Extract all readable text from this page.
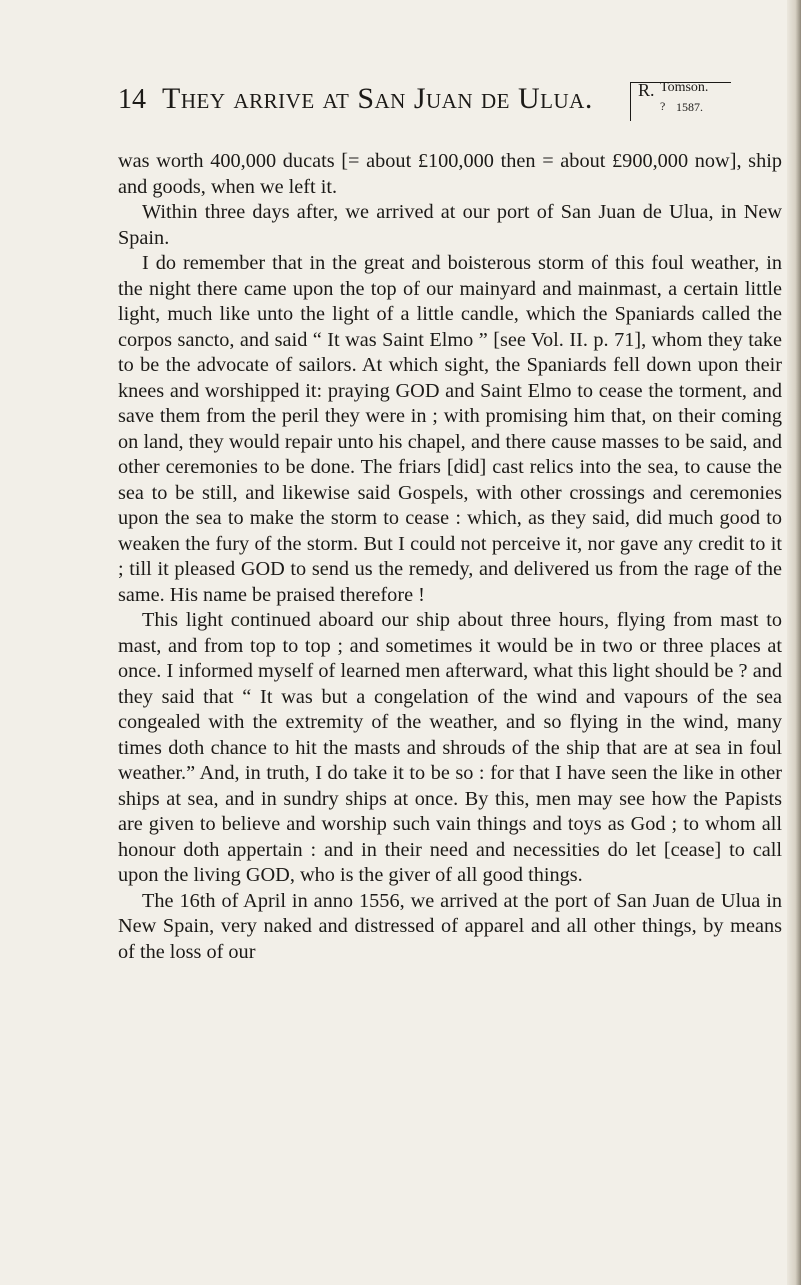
14 They arrive at San Juan de Ulua.	R. Tomson.
? 1587.

was worth 400,000 ducats [= about £100,000 then = about £900,000 now], ship and goods, when we left it.

Within three days after, we arrived at our port of San Juan de Ulua, in New Spain.

I do remember that in the great and boisterous storm of this foul weather, in the night there came upon the top of our mainyard and mainmast, a certain little light, much like unto the light of a little candle, which the Spaniards called the corpos sancto, and said “ It was Saint Elmo ” [see Vol. II. p. 71], whom they take to be the advocate of sailors. At which sight, the Spaniards fell down upon their knees and worshipped it: praying GOD and Saint Elmo to cease the torment, and save them from the peril they were in ; with promising him that, on their coming on land, they would repair unto his chapel, and there cause masses to be said, and other ceremonies to be done. The friars [did] cast relics into the sea, to cause the sea to be still, and likewise said Gospels, with other crossings and ceremonies upon the sea to make the storm to cease : which, as they said, did much good to weaken the fury of the storm. But I could not perceive it, nor gave any credit to it ; till it pleased GOD to send us the remedy, and delivered us from the rage of the same. His name be praised therefore !

This light continued aboard our ship about three hours, flying from mast to mast, and from top to top ; and sometimes it would be in two or three places at once. I informed myself of learned men afterward, what this light should be ? and they said that “ It was but a congelation of the wind and vapours of the sea congealed with the extremity of the weather, and so flying in the wind, many times doth chance to hit the masts and shrouds of the ship that are at sea in foul weather.” And, in truth, I do take it to be so : for that I have seen the like in other ships at sea, and in sundry ships at once. By this, men may see how the Papists are given to believe and worship such vain things and toys as God ; to whom all honour doth appertain : and in their need and necessities do let [cease] to call upon the living GOD, who is the giver of all good things.

The 16th of April in anno 1556, we arrived at the port of San Juan de Ulua in New Spain, very naked and distressed of apparel and all other things, by means of the loss of our
